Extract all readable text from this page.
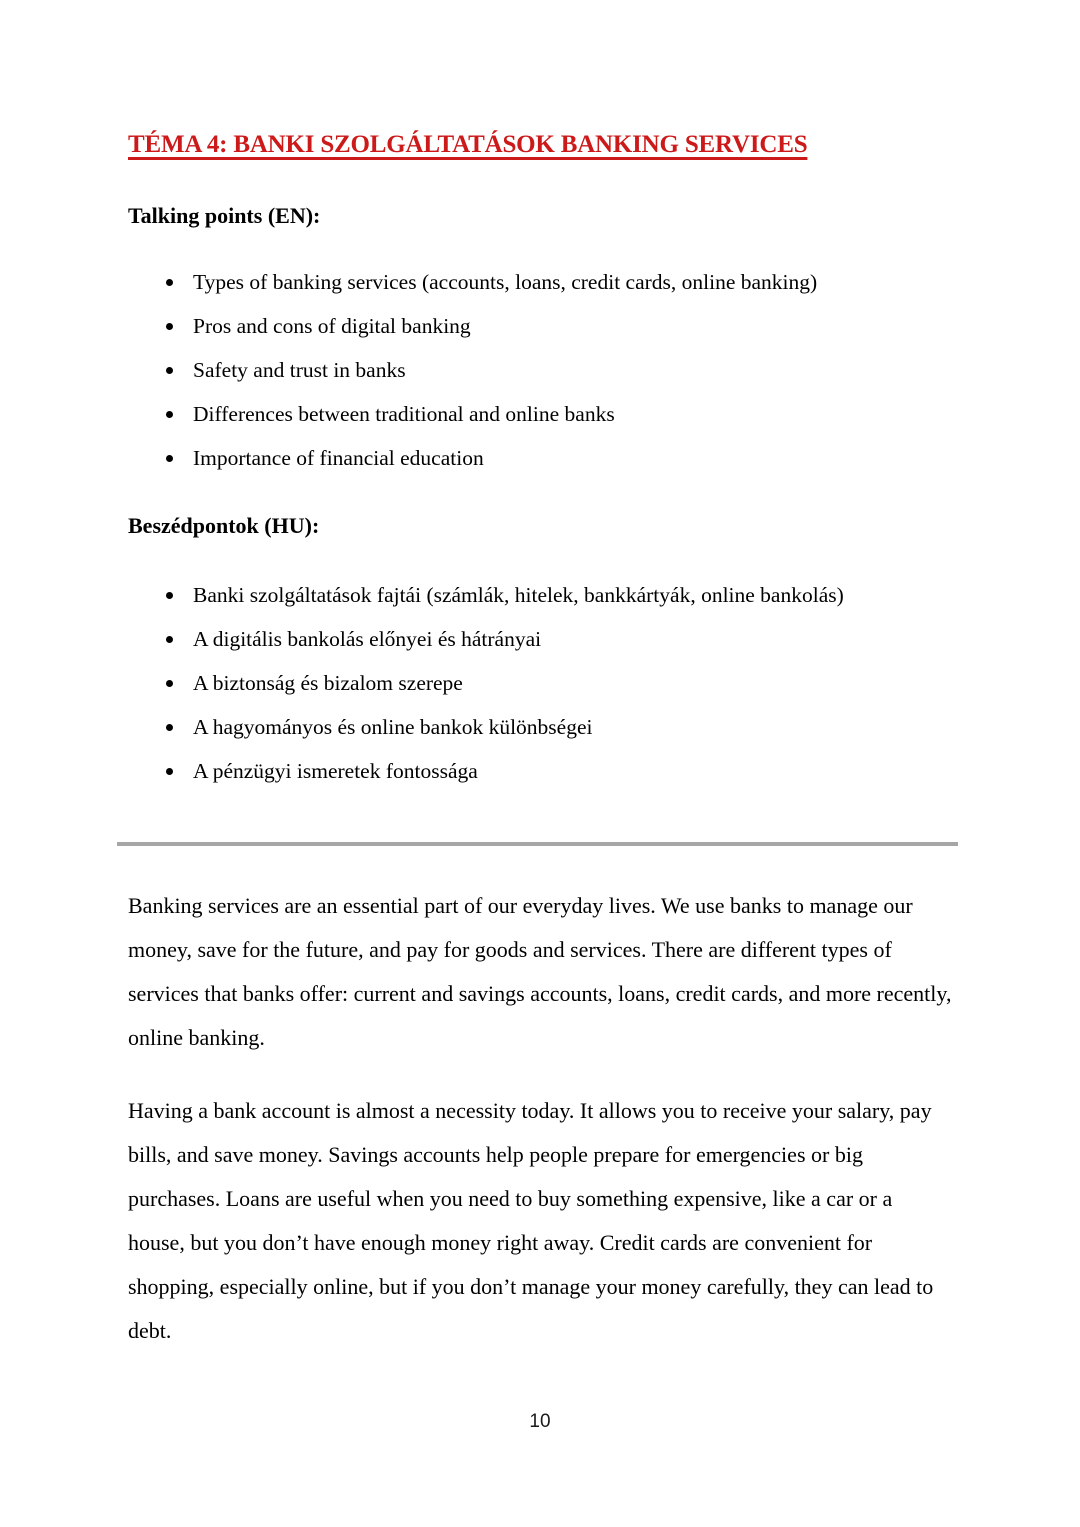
TÉMA 4: BANKI SZOLGÁLTATÁSOK BANKING SERVICES
Talking points (EN):
Types of banking services (accounts, loans, credit cards, online banking)
Pros and cons of digital banking
Safety and trust in banks
Differences between traditional and online banks
Importance of financial education
Beszédpontok (HU):
Banki szolgáltatások fajtái (számlák, hitelek, bankkártyák, online bankolás)
A digitális bankolás előnyei és hátrányai
A biztonság és bizalom szerepe
A hagyományos és online bankok különbségei
A pénzügyi ismeretek fontossága

Banking services are an essential part of our everyday lives. We use banks to manage our money, save for the future, and pay for goods and services. There are different types of services that banks offer: current and savings accounts, loans, credit cards, and more recently, online banking.

Having a bank account is almost a necessity today. It allows you to receive your salary, pay bills, and save money. Savings accounts help people prepare for emergencies or big purchases. Loans are useful when you need to buy something expensive, like a car or a house, but you don’t have enough money right away. Credit cards are convenient for shopping, especially online, but if you don’t manage your money carefully, they can lead to debt.

10
